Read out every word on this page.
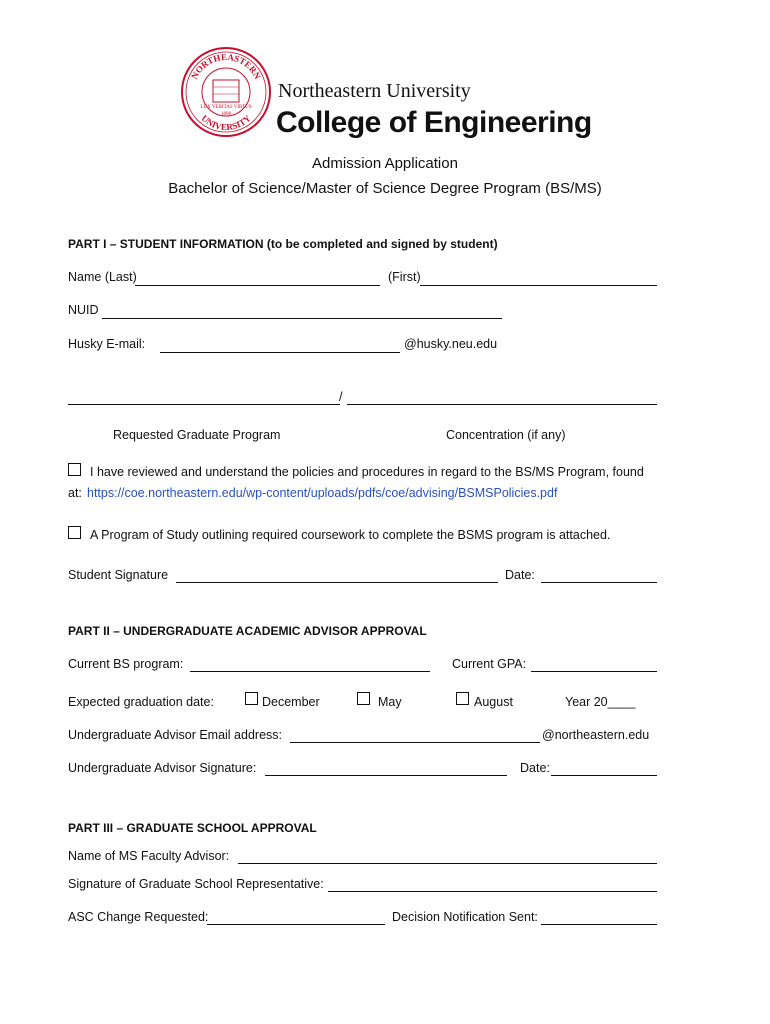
NORTHEASTERN
UNIVERSITY
LUX VERITAS VIRTUS
1898
Northeastern University
College of Engineering
Admission Application
Bachelor of Science/Master of Science Degree Program (BS/MS)
PART I – STUDENT INFORMATION (to be completed and signed by student)
Name (Last)	(First)
NUID
Husky E-mail:	@husky.neu.edu
/
Requested Graduate Program	Concentration (if any)
I have reviewed and understand the policies and procedures in regard to the BS/MS Program, found
at: https://coe.northeastern.edu/wp-content/uploads/pdfs/coe/advising/BSMSPolicies.pdf
A Program of Study outlining required coursework to complete the BSMS program is attached.
Student Signature	Date:
PART II – UNDERGRADUATE ACADEMIC ADVISOR APPROVAL
Current BS program:	Current GPA:
Expected graduation date:	December	May	August	Year 20____
Undergraduate Advisor Email address:	@northeastern.edu
Undergraduate Advisor Signature:	Date:
PART III – GRADUATE SCHOOL APPROVAL
Name of MS Faculty Advisor:
Signature of Graduate School Representative:
ASC Change Requested:	Decision Notification Sent:
